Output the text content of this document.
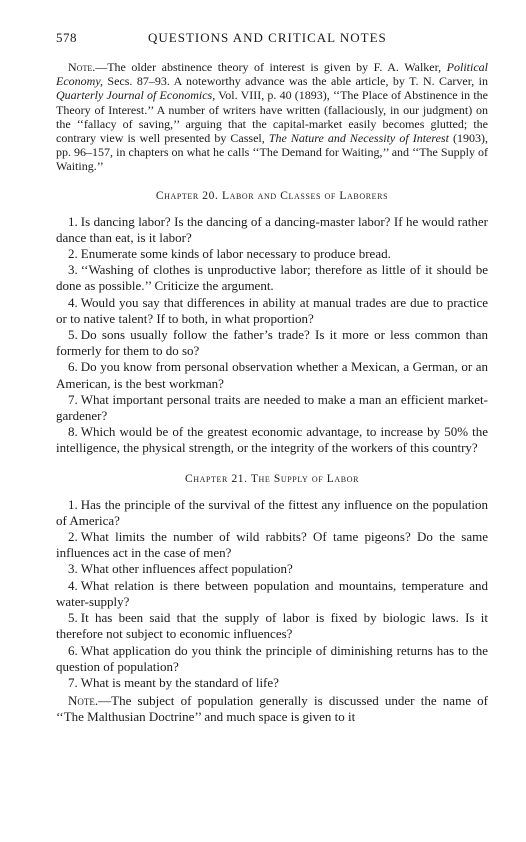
578	QUESTIONS AND CRITICAL NOTES

Note.—The older abstinence theory of interest is given by F. A. Walker, Political Economy, Secs. 87–93. A noteworthy advance was the able article, by T. N. Carver, in Quarterly Journal of Economics, Vol. VIII, p. 40 (1893), ‘‘The Place of Abstinence in the Theory of Interest.’’ A number of writers have written (fallaciously, in our judgment) on the ‘‘fallacy of saving,’’ arguing that the capital-market easily becomes glutted; the contrary view is well presented by Cassel, The Nature and Necessity of Interest (1903), pp. 96–157, in chapters on what he calls ‘‘The Demand for Waiting,’’ and ‘‘The Supply of Waiting.’’

Chapter 20. Labor and Classes of Laborers

1. Is dancing labor? Is the dancing of a dancing-master labor? If he would rather dance than eat, is it labor?

2. Enumerate some kinds of labor necessary to produce bread.

3. ‘‘Washing of clothes is unproductive labor; therefore as little of it should be done as possible.’’ Criticize the argument.

4. Would you say that differences in ability at manual trades are due to practice or to native talent? If to both, in what proportion?

5. Do sons usually follow the father’s trade? Is it more or less common than formerly for them to do so?

6. Do you know from personal observation whether a Mexican, a German, or an American, is the best workman?

7. What important personal traits are needed to make a man an efficient market-gardener?

8. Which would be of the greatest economic advantage, to increase by 50% the intelligence, the physical strength, or the integrity of the workers of this country?

Chapter 21. The Supply of Labor

1. Has the principle of the survival of the fittest any influence on the population of America?

2. What limits the number of wild rabbits? Of tame pigeons? Do the same influences act in the case of men?

3. What other influences affect population?

4. What relation is there between population and mountains, temperature and water-supply?

5. It has been said that the supply of labor is fixed by biologic laws. Is it therefore not subject to economic influences?

6. What application do you think the principle of diminishing returns has to the question of population?

7. What is meant by the standard of life?

Note.—The subject of population generally is discussed under the name of ‘‘The Malthusian Doctrine’’ and much space is given to it
